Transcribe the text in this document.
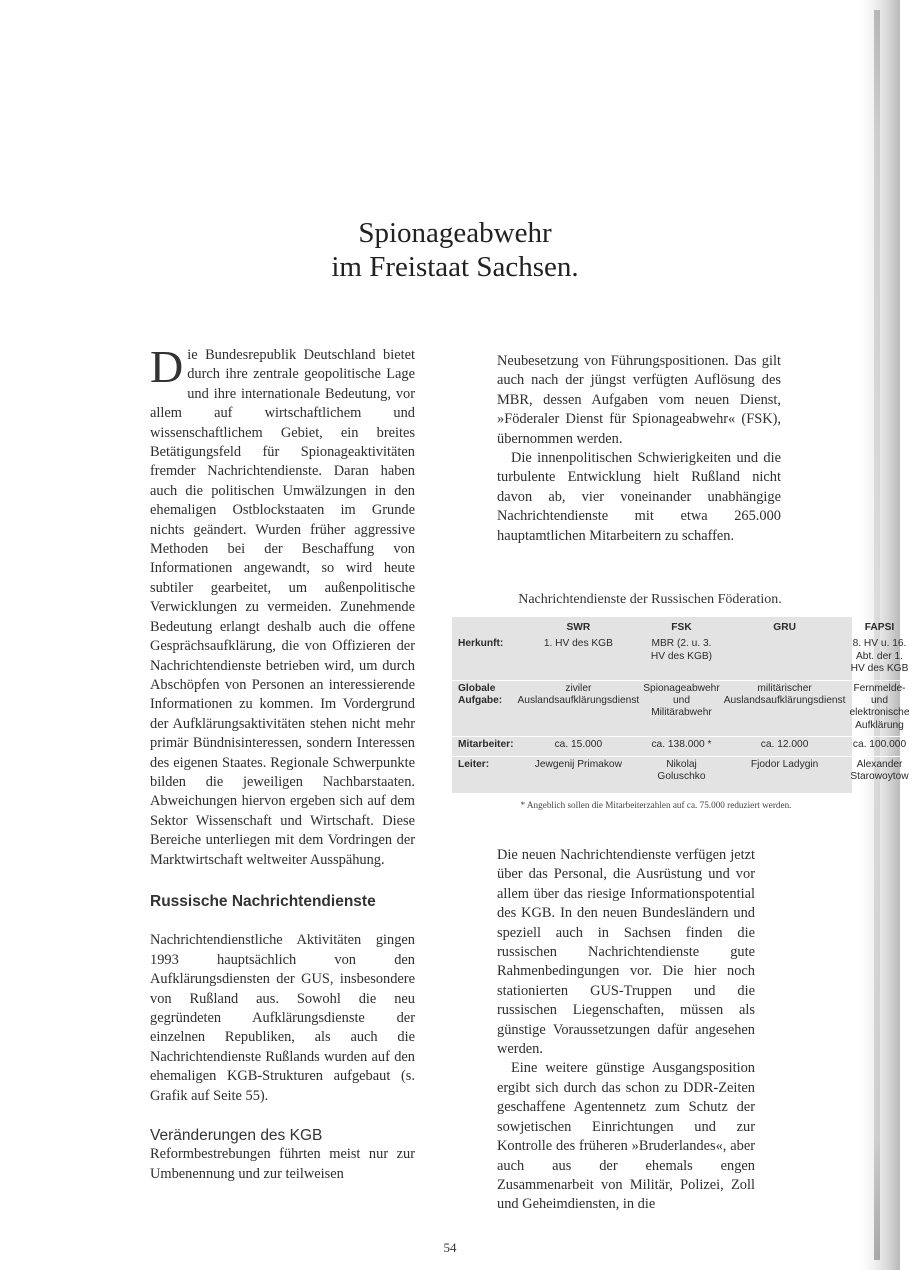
Spionageabwehr
im Freistaat Sachsen.

Die Bundesrepublik Deutschland bietet durch ihre zentrale geopolitische Lage und ihre internationale Bedeutung, vor allem auf wirtschaftlichem und wissenschaftlichem Gebiet, ein breites Betätigungsfeld für Spionageaktivitäten fremder Nachrichtendienste. Daran haben auch die politischen Umwälzungen in den ehemaligen Ostblockstaaten im Grunde nichts geändert. Wurden früher aggressive Methoden bei der Beschaffung von Informationen angewandt, so wird heute subtiler gearbeitet, um außenpolitische Verwicklungen zu vermeiden. Zunehmende Bedeutung erlangt deshalb auch die offene Gesprächsaufklärung, die von Offizieren der Nachrichtendienste betrieben wird, um durch Abschöpfen von Personen an interessierende Informationen zu kommen. Im Vordergrund der Aufklärungsaktivitäten stehen nicht mehr primär Bündnisinteressen, sondern Interessen des eigenen Staates. Regionale Schwerpunkte bilden die jeweiligen Nachbarstaaten. Abweichungen hiervon ergeben sich auf dem Sektor Wissenschaft und Wirtschaft. Diese Bereiche unterliegen mit dem Vordringen der Marktwirtschaft weltweiter Ausspähung.

Russische Nachrichtendienste

Nachrichtendienstliche Aktivitäten gingen 1993 hauptsächlich von den Aufklärungsdiensten der GUS, insbesondere von Rußland aus. Sowohl die neu gegründeten Aufklärungsdienste der einzelnen Republiken, als auch die Nachrichtendienste Rußlands wurden auf den ehemaligen KGB-Strukturen aufgebaut (s. Grafik auf Seite 55).

Veränderungen des KGB

Reformbestrebungen führten meist nur zur Umbenennung und zur teilweisen

Neubesetzung von Führungspositionen. Das gilt auch nach der jüngst verfügten Auflösung des MBR, dessen Aufgaben vom neuen Dienst, »Föderaler Dienst für Spionageabwehr« (FSK), übernommen werden.

Die innenpolitischen Schwierigkeiten und die turbulente Entwicklung hielt Rußland nicht davon ab, vier voneinander unabhängige Nachrichtendienste mit etwa 265.000 hauptamtlichen Mitarbeitern zu schaffen.

Nachrichtendienste der Russischen Föderation.
	SWR	FSK	GRU	FAPSI
Herkunft:	1. HV des KGB	MBR (2. u. 3. HV des KGB)		8. HV u. 16. Abt. der 1. HV des KGB
Globale Aufgabe:	ziviler Auslandsaufklärungsdienst	Spionageabwehr und Militärabwehr	militärischer Auslandsaufklärungsdienst	Fernmelde- und elektronische Aufklärung
Mitarbeiter:	ca. 15.000	ca. 138.000 *	ca. 12.000	ca. 100.000
Leiter:	Jewgenij Primakow	Nikolaj Goluschko	Fjodor Ladygin	Alexander Starowoytow
* Angeblich sollen die Mitarbeiterzahlen auf ca. 75.000 reduziert werden.

Die neuen Nachrichtendienste verfügen jetzt über das Personal, die Ausrüstung und vor allem über das riesige Informationspotential des KGB. In den neuen Bundesländern und speziell auch in Sachsen finden die russischen Nachrichtendienste gute Rahmenbedingungen vor. Die hier noch stationierten GUS-Truppen und die russischen Liegenschaften, müssen als günstige Voraussetzungen dafür angesehen werden.

Eine weitere günstige Ausgangsposition ergibt sich durch das schon zu DDR-Zeiten geschaffene Agentennetz zum Schutz der sowjetischen Einrichtungen und zur Kontrolle des früheren »Bruderlandes«, aber auch aus der ehemals engen Zusammenarbeit von Militär, Polizei, Zoll und Geheimdiensten, in die

54
